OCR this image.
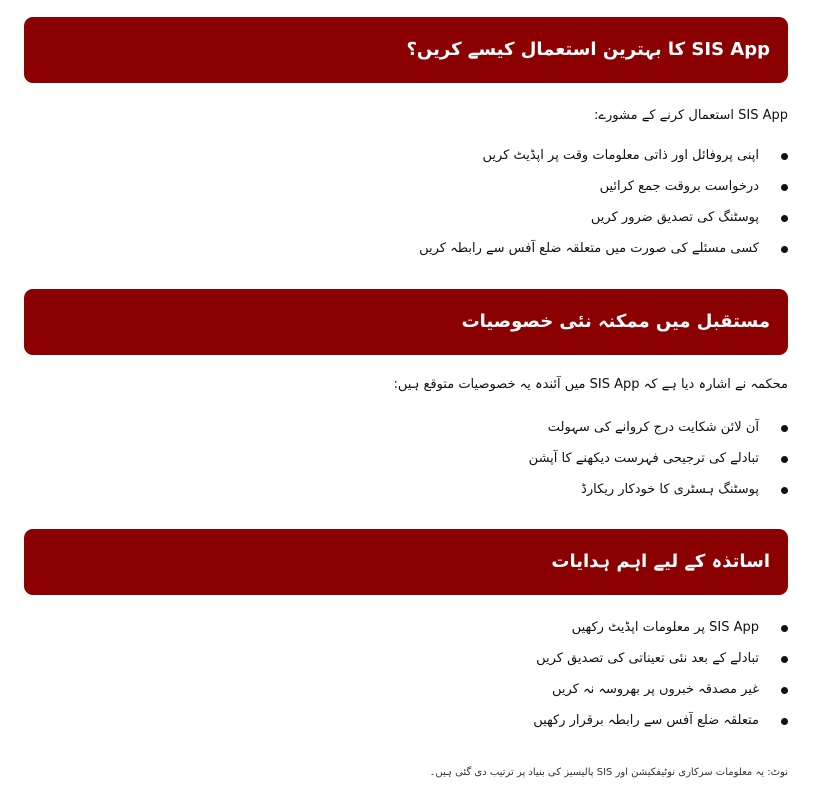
SIS App کا بہترین استعمال کیسے کریں؟

SIS App استعمال کرنے کے مشورے:

اپنی پروفائل اور ذاتی معلومات وقت پر اپڈیٹ کریں
درخواست بروقت جمع کرائیں
پوسٹنگ کی تصدیق ضرور کریں
کسی مسئلے کی صورت میں متعلقہ ضلع آفس سے رابطہ کریں
مستقبل میں ممکنہ نئی خصوصیات

محکمہ نے اشارہ دیا ہے کہ SIS App میں آئندہ یہ خصوصیات متوقع ہیں:

آن لائن شکایت درج کروانے کی سہولت
تبادلے کی ترجیحی فہرست دیکھنے کا آپشن
پوسٹنگ ہسٹری کا خودکار ریکارڈ
اساتذہ کے لیے اہم ہدایات
SIS App پر معلومات اپڈیٹ رکھیں
تبادلے کے بعد نئی تعیناتی کی تصدیق کریں
غیر مصدقہ خبروں پر بھروسہ نہ کریں
متعلقہ ضلع آفس سے رابطہ برقرار رکھیں

نوٹ: یہ معلومات سرکاری نوٹیفکیشن اور SIS پالیسیز کی بنیاد پر ترتیب دی گئی ہیں۔
